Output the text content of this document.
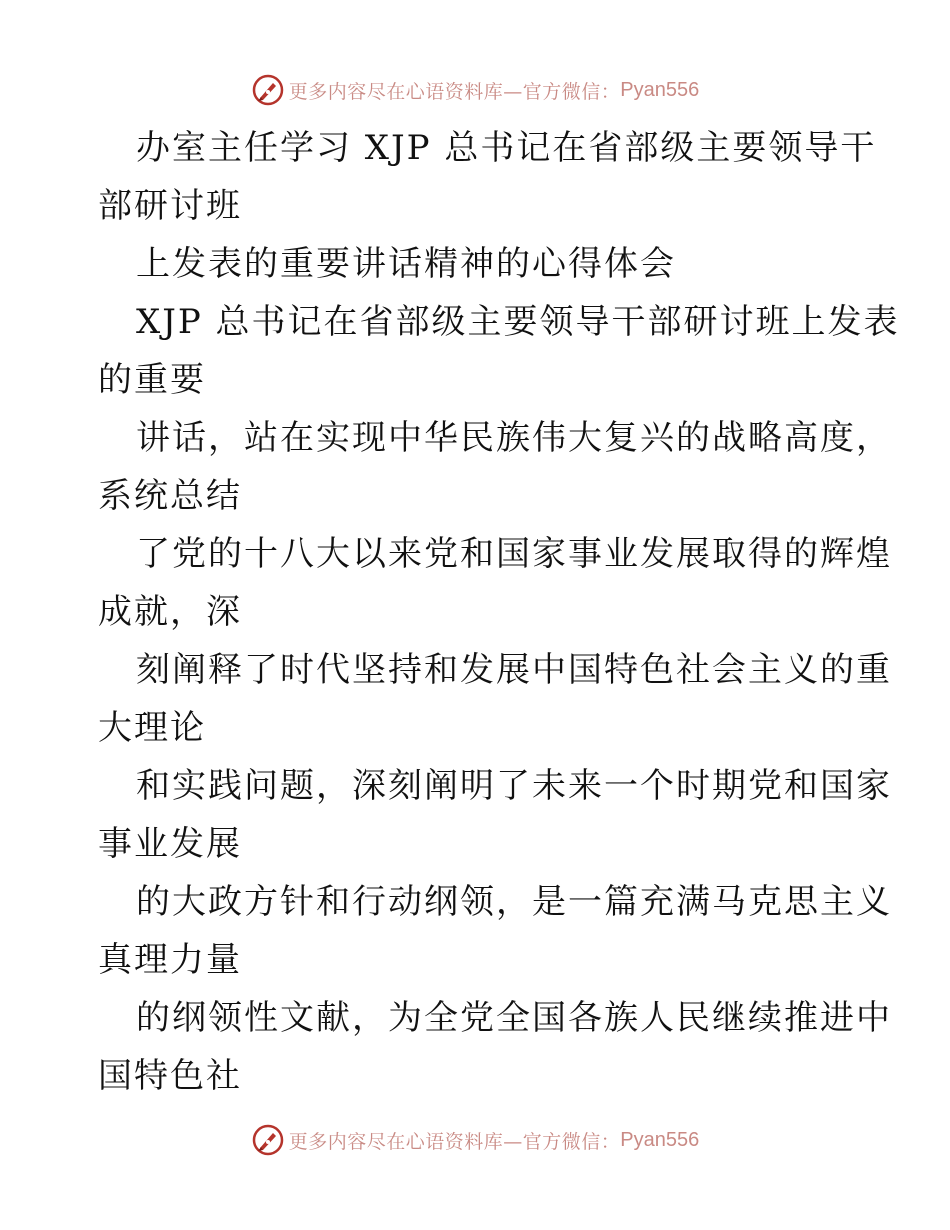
更多内容尽在心语资料库—官方微信： Pyan556
办室主任学习 XJP 总书记在省部级主要领导干
部研讨班
上发表的重要讲话精神的心得体会
XJP 总书记在省部级主要领导干部研讨班上发表
的重要
讲话，站在实现中华民族伟大复兴的战略高度，
系统总结
了党的十八大以来党和国家事业发展取得的辉煌
成就，深
刻阐释了时代坚持和发展中国特色社会主义的重
大理论
和实践问题，深刻阐明了未来一个时期党和国家
事业发展
的大政方针和行动纲领，是一篇充满马克思主义
真理力量
的纲领性文献，为全党全国各族人民继续推进中
国特色社
更多内容尽在心语资料库—官方微信： Pyan556
